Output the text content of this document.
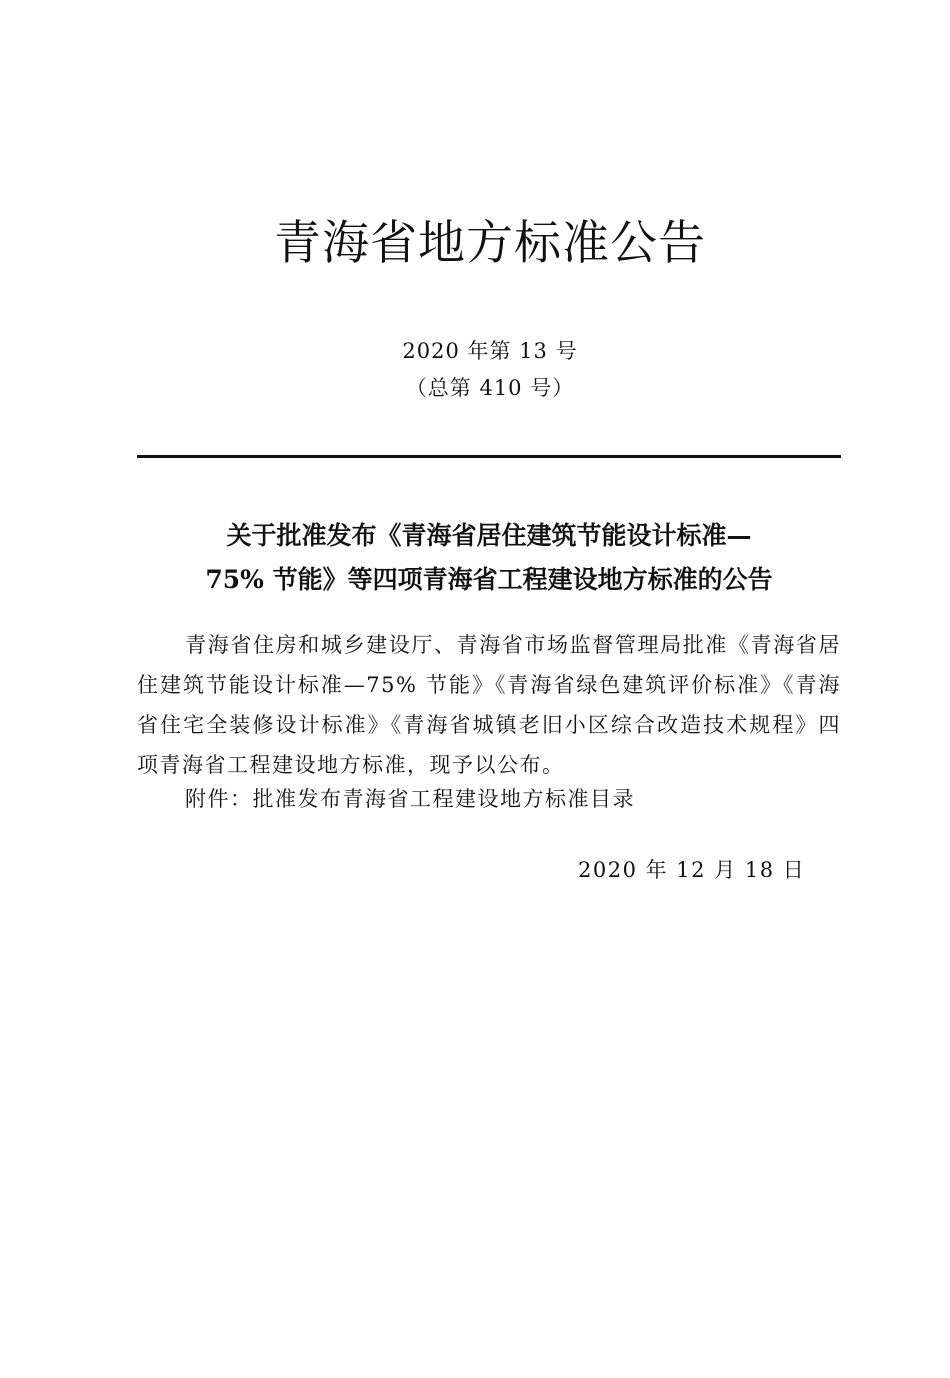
青海省地方标准公告
2020 年第 13 号
（总第 410 号）
关于批准发布《青海省居住建筑节能设计标准—
75% 节能》等四项青海省工程建设地方标准的公告

青海省住房和城乡建设厅、青海省市场监督管理局批准《青海省居住建筑节能设计标准—75% 节能》《青海省绿色建筑评价标准》《青海省住宅全装修设计标准》《青海省城镇老旧小区综合改造技术规程》四项青海省工程建设地方标准，现予以公布。

附件：批准发布青海省工程建设地方标准目录

2020 年 12 月 18 日
